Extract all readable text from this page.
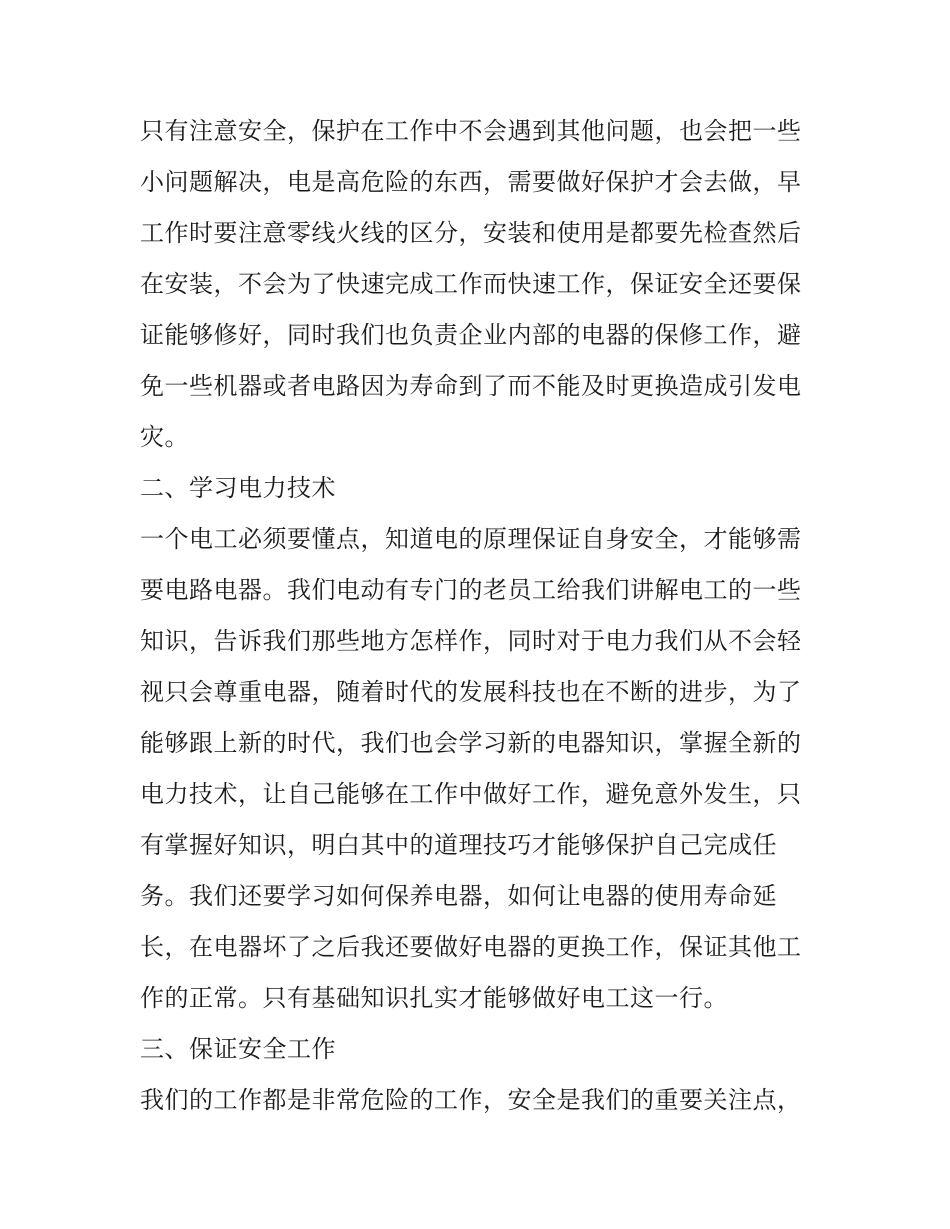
只有注意安全，保护在工作中不会遇到其他问题，也会把一些
小问题解决，电是高危险的东西，需要做好保护才会去做，早
工作时要注意零线火线的区分，安装和使用是都要先检查然后
在安装，不会为了快速完成工作而快速工作，保证安全还要保
证能够修好，同时我们也负责企业内部的电器的保修工作，避
免一些机器或者电路因为寿命到了而不能及时更换造成引发电
灾。
二、学习电力技术
一个电工必须要懂点，知道电的原理保证自身安全，才能够需
要电路电器。我们电动有专门的老员工给我们讲解电工的一些
知识，告诉我们那些地方怎样作，同时对于电力我们从不会轻
视只会尊重电器，随着时代的发展科技也在不断的进步，为了
能够跟上新的时代，我们也会学习新的电器知识，掌握全新的
电力技术，让自己能够在工作中做好工作，避免意外发生，只
有掌握好知识，明白其中的道理技巧才能够保护自己完成任
务。我们还要学习如何保养电器，如何让电器的使用寿命延
长，在电器坏了之后我还要做好电器的更换工作，保证其他工
作的正常。只有基础知识扎实才能够做好电工这一行。
三、保证安全工作
我们的工作都是非常危险的工作，安全是我们的重要关注点，
